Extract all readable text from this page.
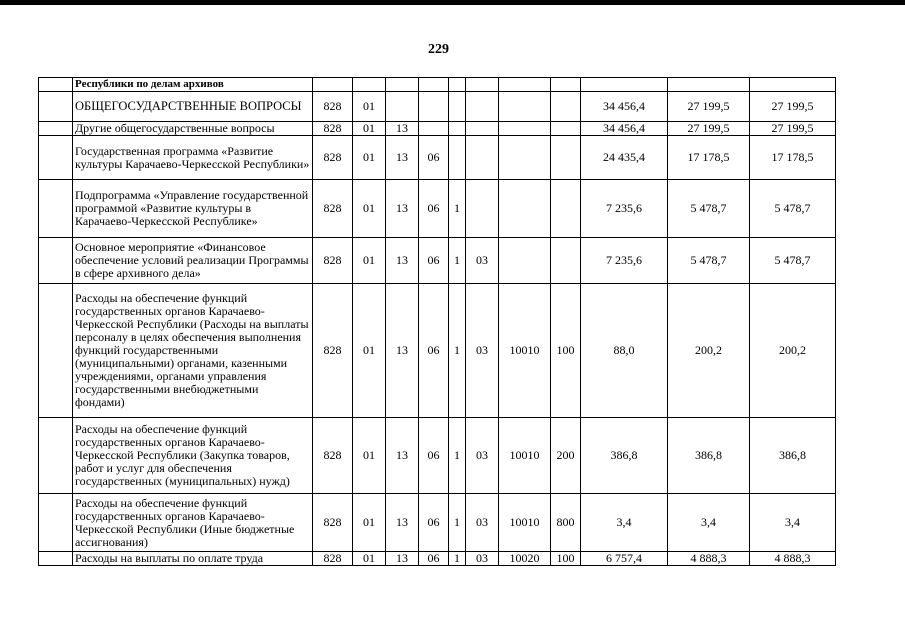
229
	Республики по делам архивов											
	ОБЩЕГОСУДАРСТВЕННЫЕ ВОПРОСЫ	828	01							34 456,4	27 199,5	27 199,5
	Другие общегосударственные вопросы	828	01	13						34 456,4	27 199,5	27 199,5
	Государственная программа «Развитие культуры Карачаево-Черкесской Республики»	828	01	13	06					24 435,4	17 178,5	17 178,5
	Подпрограмма «Управление государственной программой «Развитие культуры в Карачаево-Черкесской Республике»	828	01	13	06	1				7 235,6	5 478,7	5 478,7
	Основное мероприятие «Финансовое обеспечение условий реализации Программы в сфере архивного дела»	828	01	13	06	1	03			7 235,6	5 478,7	5 478,7
	Расходы на обеспечение функций государственных органов Карачаево-Черкесской Республики (Расходы на выплаты персоналу в целях обеспечения выполнения функций государственными (муниципальными) органами, казенными учреждениями, органами управления государственными внебюджетными фондами)	828	01	13	06	1	03	10010	100	88,0	200,2	200,2
	Расходы на обеспечение функций государственных органов Карачаево-Черкесской Республики (Закупка товаров, работ и услуг для обеспечения государственных (муниципальных) нужд)	828	01	13	06	1	03	10010	200	386,8	386,8	386,8
	Расходы на обеспечение функций государственных органов Карачаево-Черкесской Республики (Иные бюджетные ассигнования)	828	01	13	06	1	03	10010	800	3,4	3,4	3,4
	Расходы на выплаты по оплате труда	828	01	13	06	1	03	10020	100	6 757,4	4 888,3	4 888,3
